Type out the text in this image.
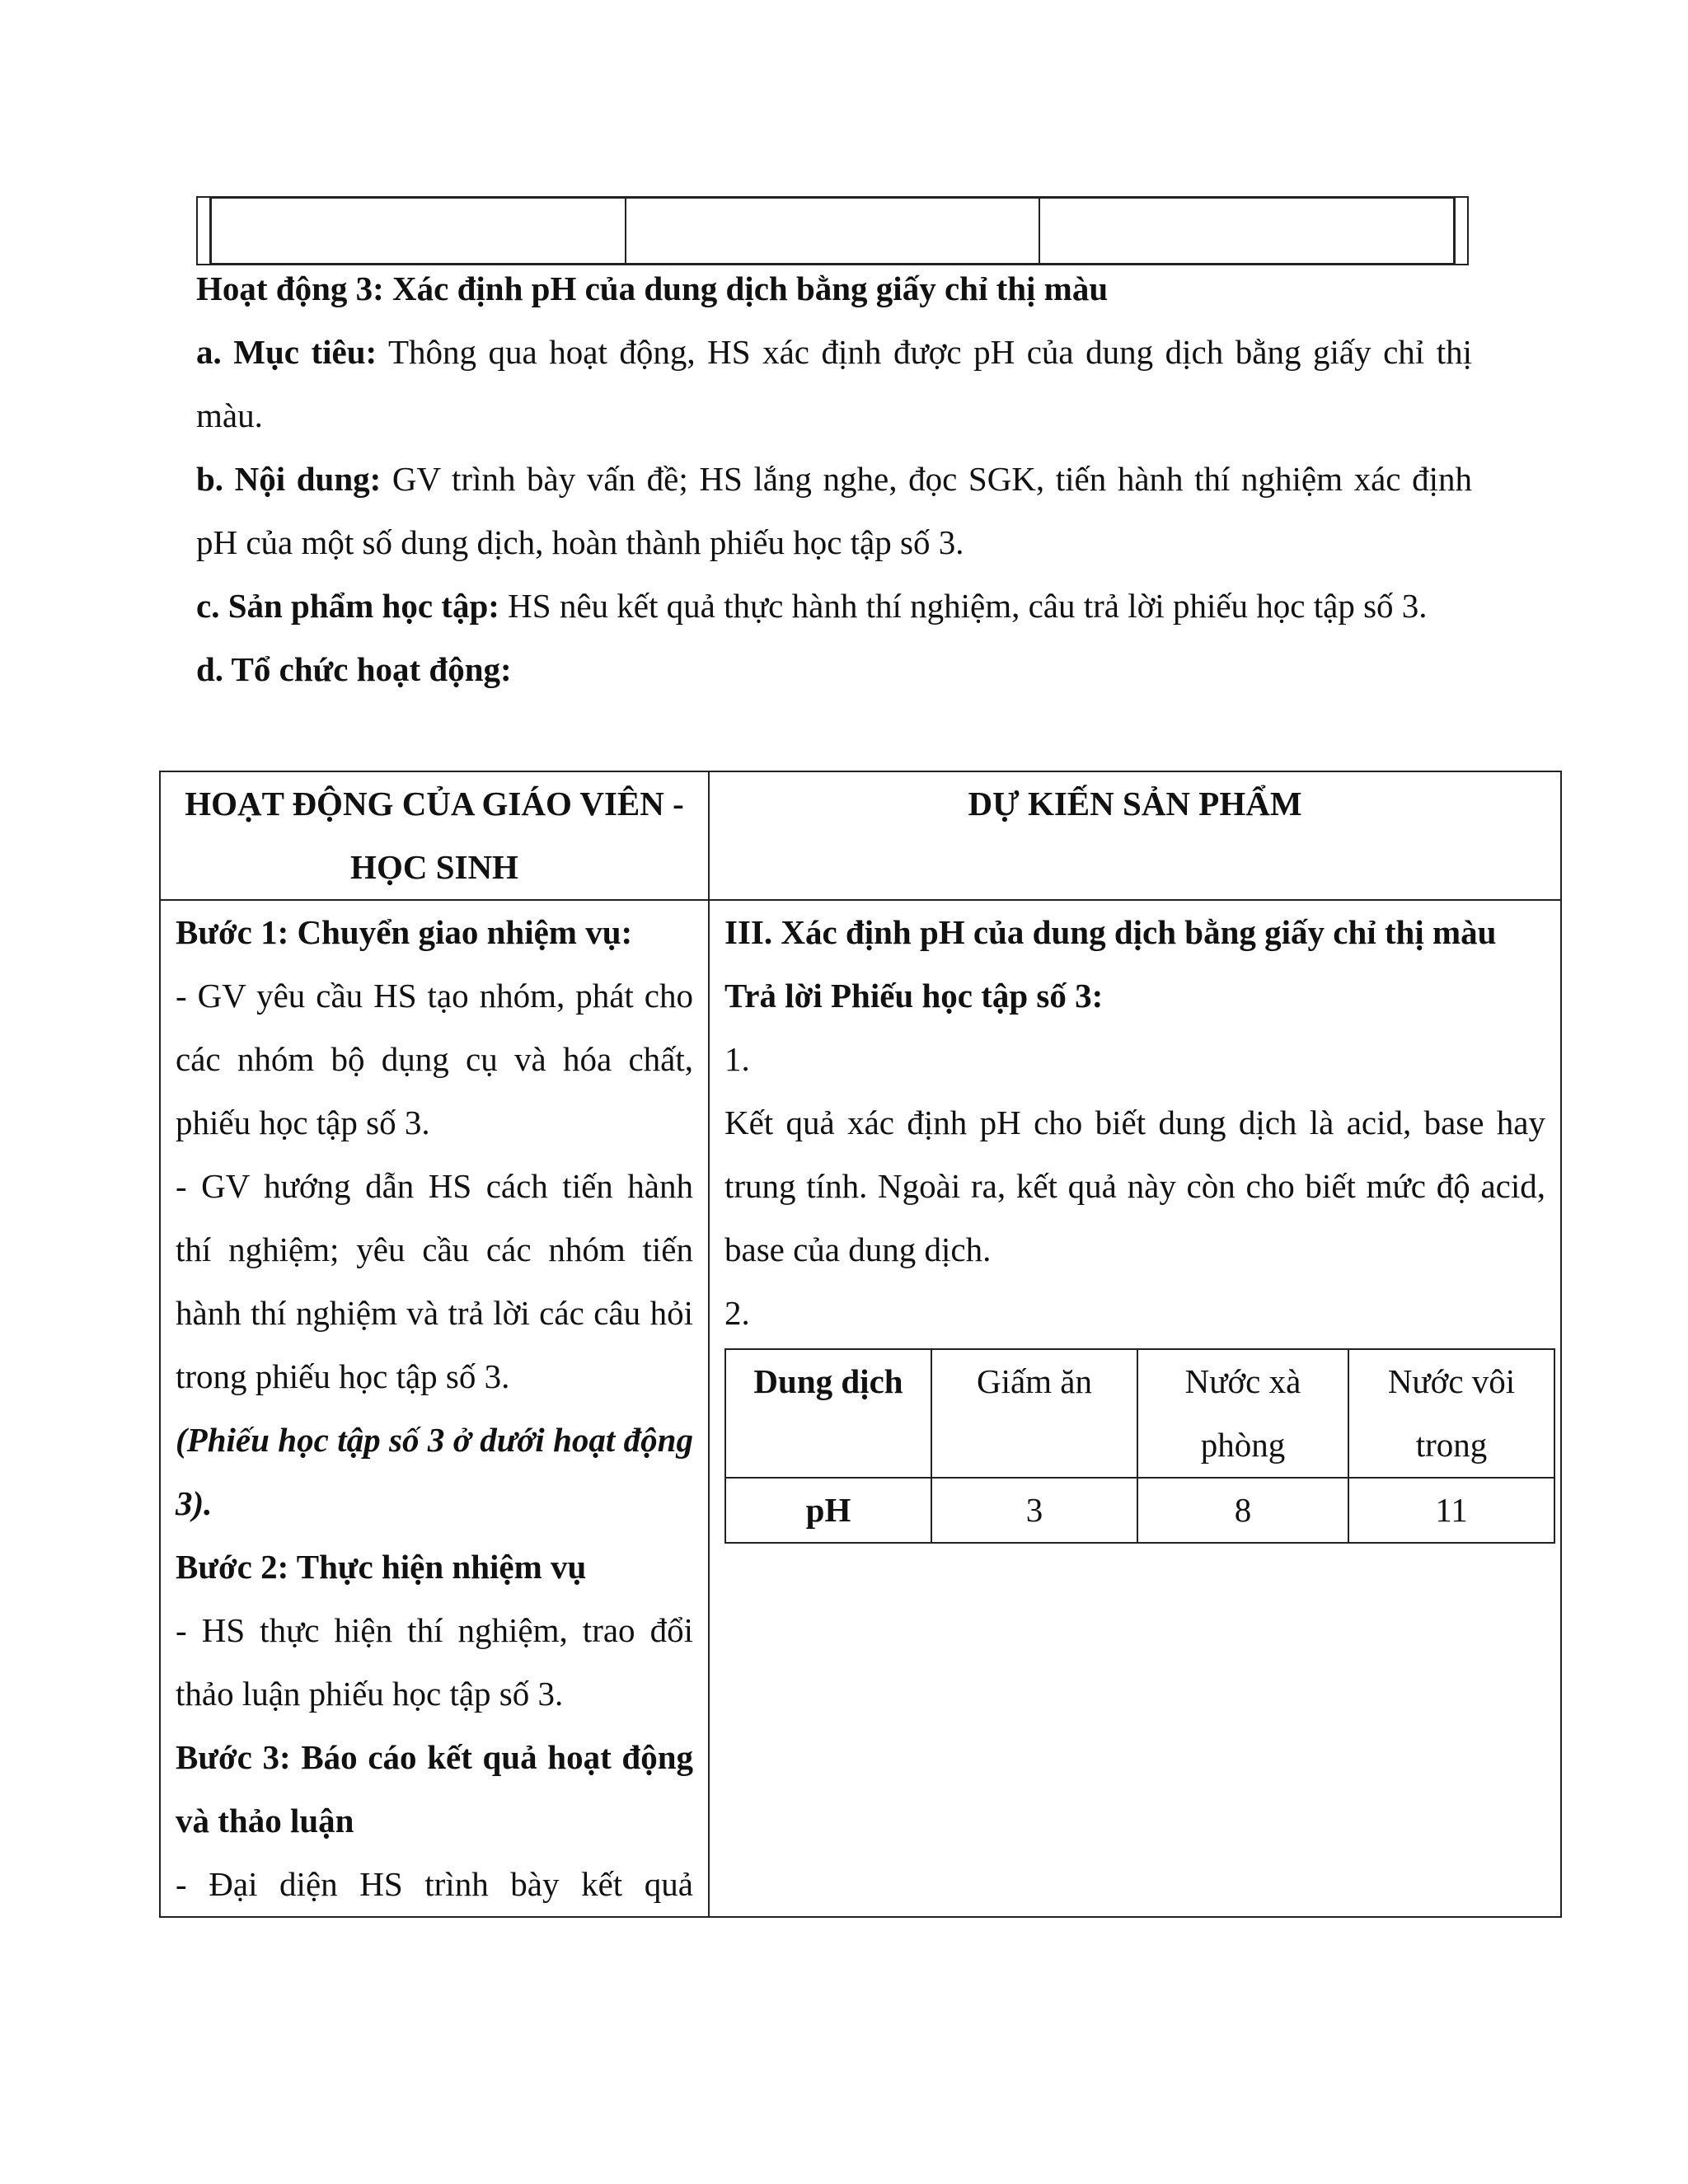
Hoạt động 3: Xác định pH của dung dịch bằng giấy chỉ thị màu

a. Mục tiêu: Thông qua hoạt động, HS xác định được pH của dung dịch bằng giấy chỉ thị màu.

b. Nội dung: GV trình bày vấn đề; HS lắng nghe, đọc SGK, tiến hành thí nghiệm xác định pH của một số dung dịch, hoàn thành phiếu học tập số 3.

c. Sản phẩm học tập: HS nêu kết quả thực hành thí nghiệm, câu trả lời phiếu học tập số 3.

d. Tổ chức hoạt động:

HOẠT ĐỘNG CỦA GIÁO VIÊN - HỌC SINH	DỰ KIẾN SẢN PHẨM

Bước 1: Chuyển giao nhiệm vụ:
- GV yêu cầu HS tạo nhóm, phát cho các nhóm bộ dụng cụ và hóa chất, phiếu học tập số 3.
- GV hướng dẫn HS cách tiến hành thí nghiệm; yêu cầu các nhóm tiến hành thí nghiệm và trả lời các câu hỏi trong phiếu học tập số 3.
(Phiếu học tập số 3 ở dưới hoạt động 3).
Bước 2: Thực hiện nhiệm vụ
- HS thực hiện thí nghiệm, trao đổi thảo luận phiếu học tập số 3.
Bước 3: Báo cáo kết quả hoạt động và thảo luận
- Đại diện HS trình bày kết quả

III. Xác định pH của dung dịch bằng giấy chỉ thị màu
Trả lời Phiếu học tập số 3:
1.
Kết quả xác định pH cho biết dung dịch là acid, base hay trung tính. Ngoài ra, kết quả này còn cho biết mức độ acid, base của dung dịch.
2.
Dung dịch	Giấm ăn	Nước xà phòng	Nước vôi trong
pH	3	8	11
